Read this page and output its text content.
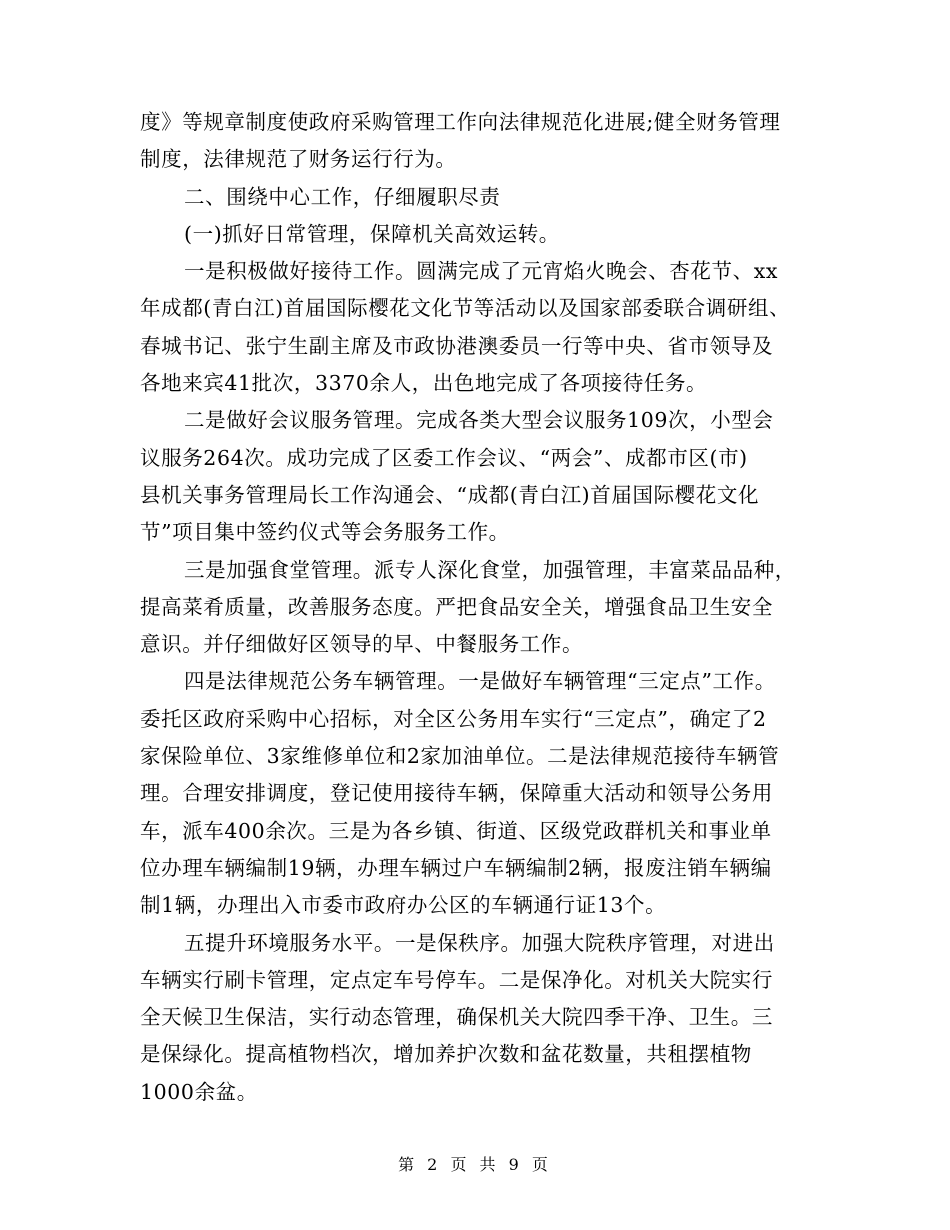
度》等规章制度使政府采购管理工作向法律规范化进展;健全财务管理
制度，法律规范了财务运行行为。
二、围绕中心工作，仔细履职尽责
(一)抓好日常管理，保障机关高效运转。
一是积极做好接待工作。圆满完成了元宵焰火晚会、杏花节、xx
年成都(青白江)首届国际樱花文化节等活动以及国家部委联合调研组、
春城书记、张宁生副主席及市政协港澳委员一行等中央、省市领导及
各地来宾41批次，3370余人，出色地完成了各项接待任务。
二是做好会议服务管理。完成各类大型会议服务109次，小型会
议服务264次。成功完成了区委工作会议、“两会”、成都市区(市)
县机关事务管理局长工作沟通会、“成都(青白江)首届国际樱花文化
节”项目集中签约仪式等会务服务工作。
三是加强食堂管理。派专人深化食堂，加强管理，丰富菜品品种，
提高菜肴质量，改善服务态度。严把食品安全关，增强食品卫生安全
意识。并仔细做好区领导的早、中餐服务工作。
四是法律规范公务车辆管理。一是做好车辆管理“三定点”工作。
委托区政府采购中心招标，对全区公务用车实行“三定点”，确定了2
家保险单位、3家维修单位和2家加油单位。二是法律规范接待车辆管
理。合理安排调度，登记使用接待车辆，保障重大活动和领导公务用
车，派车400余次。三是为各乡镇、街道、区级党政群机关和事业单
位办理车辆编制19辆，办理车辆过户车辆编制2辆，报废注销车辆编
制1辆，办理出入市委市政府办公区的车辆通行证13个。
五提升环境服务水平。一是保秩序。加强大院秩序管理，对进出
车辆实行刷卡管理，定点定车号停车。二是保净化。对机关大院实行
全天候卫生保洁，实行动态管理，确保机关大院四季干净、卫生。三
是保绿化。提高植物档次，增加养护次数和盆花数量，共租摆植物
1000余盆。
第 2 页 共 9 页
